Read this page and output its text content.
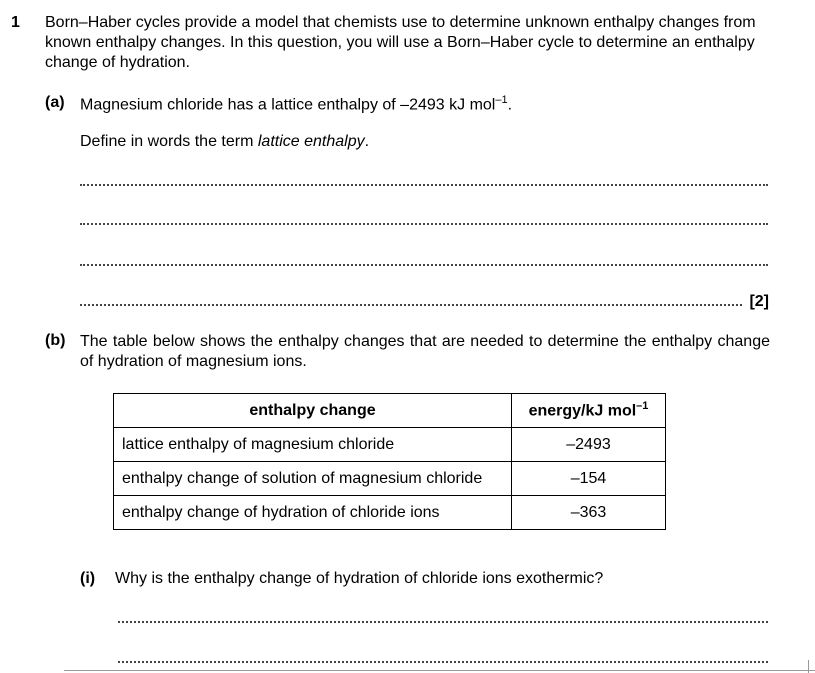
1 Born–Haber cycles provide a model that chemists use to determine unknown enthalpy changes from known enthalpy changes. In this question, you will use a Born–Haber cycle to determine an enthalpy change of hydration.
(a) Magnesium chloride has a lattice enthalpy of –2493 kJ mol$^{-1}$.
Define in words the term lattice enthalpy.
[2]
(b) The table below shows the enthalpy changes that are needed to determine the enthalpy change of hydration of magnesium ions.
enthalpy change	energy/kJ mol$^{-1}$
lattice enthalpy of magnesium chloride	–2493
enthalpy change of solution of magnesium chloride	–154
enthalpy change of hydration of chloride ions	–363
(i) Why is the enthalpy change of hydration of chloride ions exothermic?
